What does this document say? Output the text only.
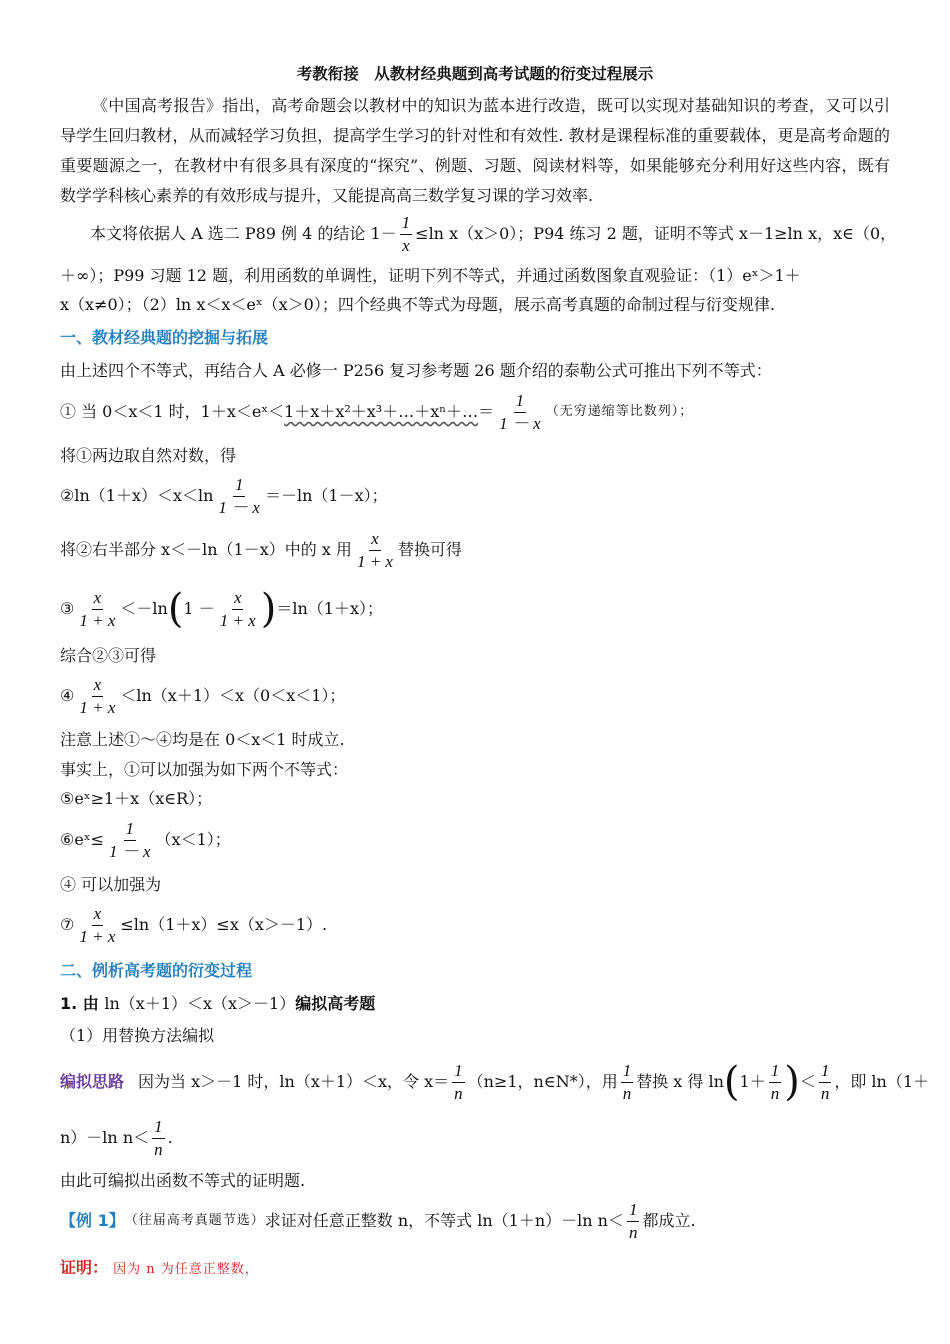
考教衔接　从教材经典题到高考试题的衍变过程展示
《中国高考报告》指出，高考命题会以教材中的知识为蓝本进行改造，既可以实现对基础知识的考查，又可以引导学生回归教材，从而减轻学习负担，提高学生学习的针对性和有效性. 教材是课程标准的重要载体，更是高考命题的重要题源之一，在教材中有很多具有深度的“探究”、例题、习题、阅读材料等，如果能够充分利用好这些内容，既有数学学科核心素养的有效形成与提升，又能提高高三数学复习课的学习效率.
本文将依据人 A 选二 P89 例 4 的结论 $1- \frac{1}{x} \le\ln$ x（x＞0）；P94 练习 2 题，证明不等式 x－1≥ln x，x∈（0，
＋∞）；P99 习题 12 题，利用函数的单调性，证明下列不等式，并通过函数图象直观验证：（1）eˣ＞1＋
x（x≠0）；（2）ln x＜x＜eˣ（x＞0）；四个经典不等式为母题，展示高考真题的命制过程与衍变规律.
一、教材经典题的挖掘与拓展
由上述四个不等式，再结合人 A 必修一 P256 复习参考题 26 题介绍的泰勒公式可推出下列不等式：
① 当 0＜x＜1 时，1＋x＜eˣ＜ 1＋x＋x²＋x³＋…＋xⁿ＋… ＝ $\frac{1}{1 - x}$ （无穷递缩等比数列）；
将①两边取自然对数，得
②ln（1＋x）＜x＜ln $\frac{1}{1 - x} =-\ln(1-x)$；
将②右半部分 x＜－ln（1－x）中的 x 用 $\frac{x}{1 + x}$ 替换可得
③ $\frac{x}{1 + x} <-\ln$ ( $1 - \frac{x}{1 + x}$ ) ＝ln（1＋x）；
综合②③可得
④ $\frac{x}{1 + x} <\ln(x+1)<x(0<x<1)$；
注意上述①～④均是在 0＜x＜1 时成立.
事实上，①可以加强为如下两个不等式：
⑤eˣ≥1＋x（x∈R）；
⑥eˣ≤ $\frac{1}{1 - x} (x<1)$；
④ 可以加强为
⑦ $\frac{x}{1 + x} \le\ln(1+x)\le x(x>-1)$.
二、例析高考题的衍变过程
1. 由 ln（x＋1）＜x（x＞－1）编拟高考题
（1）用替换方法编拟
编拟思路 因为当 x＞－1 时，ln（x＋1）＜x，令 $x= \frac{1}{n} (n\ge 1$，n∈N*），用 $\frac{1}{n}$ 替换 x 得 ln ( $1+ \frac{1}{n}$ ) ＜ $\frac{1}{n}$ ，即 ln（1＋
n）－ln $n< \frac{1}{n}$ .
由此可编拟出函数不等式的证明题.
【例 1】 （往届高考真题节选） 求证对任意正整数 n，不等式 ln（1＋n）－ln $n< \frac{1}{n}$ 都成立.
证明： 因为 n 为任意正整数，
